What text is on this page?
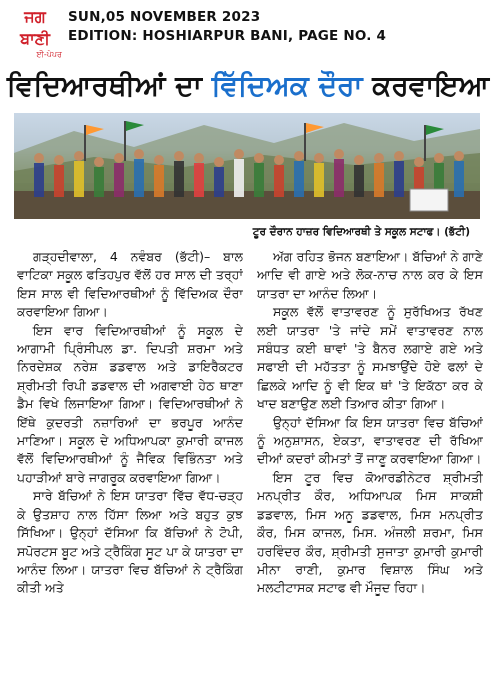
ਜਗ ਬਾਣੀ
ਈ-ਪੇਪਰ
SUN,05 NOVEMBER 2023
EDITION: HOSHIARPUR BANI, PAGE NO. 4
ਵਿਦਿਆਰਥੀਆਂ ਦਾ ਵਿੱਦਿਅਕ ਦੌਰਾ ਕਰਵਾਇਆ
ਟੂਰ ਦੌਰਾਨ ਹਾਜ਼ਰ ਵਿਦਿਆਰਥੀ ਤੇ ਸਕੂਲ ਸਟਾਫ। (ਭੱਟੀ)

ਗੜ੍ਹਦੀਵਾਲਾ, 4 ਨਵੰਬਰ (ਭੱਟੀ)– ਬਾਲ ਵਾਟਿਕਾ ਸਕੂਲ ਫਤਿਹਪੁਰ ਵੱਲੋਂ ਹਰ ਸਾਲ ਦੀ ਤਰ੍ਹਾਂ ਇਸ ਸਾਲ ਵੀ ਵਿਦਿਆਰਥੀਆਂ ਨੂੰ ਵਿੱਦਿਅਕ ਦੌਰਾ ਕਰਵਾਇਆ ਗਿਆ।

ਇਸ ਵਾਰ ਵਿਦਿਆਰਥੀਆਂ ਨੂੰ ਸਕੂਲ ਦੇ ਆਗਾਮੀ ਪ੍ਰਿੰਸੀਪਲ ਡਾ. ਦਿਪਤੀ ਸ਼ਰਮਾ ਅਤੇ ਨਿਰਦੇਸ਼ਕ ਨਰੇਸ਼ ਡਡਵਾਲ ਅਤੇ ਡਾਇਰੈਕਟਰ ਸ਼੍ਰੀਮਤੀ ਰਿਪੀ ਡਡਵਾਲ ਦੀ ਅਗਵਾਈ ਹੇਠ ਥਾਣਾ ਡੈਮ ਵਿਖੇ ਲਿਜਾਇਆ ਗਿਆ। ਵਿਦਿਆਰਥੀਆਂ ਨੇ ਇੱਥੇ ਕੁਦਰਤੀ ਨਜ਼ਾਰਿਆਂ ਦਾ ਭਰਪੂਰ ਆਨੰਦ ਮਾਣਿਆ। ਸਕੂਲ ਦੇ ਅਧਿਆਪਕਾ ਕੁਮਾਰੀ ਕਾਜਲ ਵੱਲੋਂ ਵਿਦਿਆਰਥੀਆਂ ਨੂੰ ਜੈਵਿਕ ਵਿਭਿੰਨਤਾ ਅਤੇ ਪਹਾੜੀਆਂ ਬਾਰੇ ਜਾਗਰੂਕ ਕਰਵਾਇਆ ਗਿਆ।

ਸਾਰੇ ਬੱਚਿਆਂ ਨੇ ਇਸ ਯਾਤਰਾ ਵਿੱਚ ਵੱਧ-ਚੜ੍ਹ ਕੇ ਉਤਸ਼ਾਹ ਨਾਲ ਹਿੱਸਾ ਲਿਆ ਅਤੇ ਬਹੁਤ ਕੁਝ ਸਿੱਖਿਆ। ਉਨ੍ਹਾਂ ਦੱਸਿਆ ਕਿ ਬੱਚਿਆਂ ਨੇ ਟੋਪੀ, ਸਪੋਰਟਸ ਬੂਟ ਅਤੇ ਟ੍ਰੈਕਿੰਗ ਸੂਟ ਪਾ ਕੇ ਯਾਤਰਾ ਦਾ ਆਨੰਦ ਲਿਆ। ਯਾਤਰਾ ਵਿਚ ਬੱਚਿਆਂ ਨੇ ਟ੍ਰੈਕਿੰਗ ਕੀਤੀ ਅਤੇ

ਅੱਗ ਰਹਿਤ ਭੋਜਨ ਬਣਾਇਆ। ਬੱਚਿਆਂ ਨੇ ਗਾਣੇ ਆਦਿ ਵੀ ਗਾਏ ਅਤੇ ਲੋਕ-ਨਾਚ ਨਾਲ ਕਰ ਕੇ ਇਸ ਯਾਤਰਾ ਦਾ ਆਨੰਦ ਲਿਆ।

ਸਕੂਲ ਵੱਲੋਂ ਵਾਤਾਵਰਣ ਨੂੰ ਸੁਰੱਖਿਅਤ ਰੱਖਣ ਲਈ ਯਾਤਰਾ 'ਤੇ ਜਾਂਦੇ ਸਮੇਂ ਵਾਤਾਵਰਣ ਨਾਲ ਸਬੰਧਤ ਕਈ ਥਾਵਾਂ 'ਤੇ ਬੈਨਰ ਲਗਾਏ ਗਏ ਅਤੇ ਸਫਾਈ ਦੀ ਮਹੱਤਤਾ ਨੂੰ ਸਮਝਾਉਂਦੇ ਹੋਏ ਫਲਾਂ ਦੇ ਛਿਲਕੇ ਆਦਿ ਨੂੰ ਵੀ ਇਕ ਥਾਂ 'ਤੇ ਇਕੱਠਾ ਕਰ ਕੇ ਖਾਦ ਬਣਾਉਣ ਲਈ ਤਿਆਰ ਕੀਤਾ ਗਿਆ।

ਉਨ੍ਹਾਂ ਦੱਸਿਆ ਕਿ ਇਸ ਯਾਤਰਾ ਵਿਚ ਬੱਚਿਆਂ ਨੂੰ ਅਨੁਸ਼ਾਸਨ, ਏਕਤਾ, ਵਾਤਾਵਰਣ ਦੀ ਰੱਖਿਆ ਦੀਆਂ ਕਦਰਾਂ ਕੀਮਤਾਂ ਤੋਂ ਜਾਣੂ ਕਰਵਾਇਆ ਗਿਆ।

ਇਸ ਟੂਰ ਵਿਚ ਕੋਆਰਡੀਨੇਟਰ ਸ਼੍ਰੀਮਤੀ ਮਨਪ੍ਰੀਤ ਕੌਰ, ਅਧਿਆਪਕ ਮਿਸ ਸਾਕਸ਼ੀ ਡਡਵਾਲ, ਮਿਸ ਅਨੂ ਡਡਵਾਲ, ਮਿਸ ਮਨਪ੍ਰੀਤ ਕੌਰ, ਮਿਸ ਕਾਜਲ, ਮਿਸ. ਅੰਜਲੀ ਸ਼ਰਮਾ, ਮਿਸ ਹਰਵਿੰਦਰ ਕੌਰ, ਸ਼੍ਰੀਮਤੀ ਸੁਜਾਤਾ ਕੁਮਾਰੀ ਕੁਮਾਰੀ ਮੀਨਾ ਰਾਣੀ, ਕੁਮਾਰ ਵਿਸ਼ਾਲ ਸਿੰਘ ਅਤੇ ਮਲਟੀਟਾਸਕ ਸਟਾਫ ਵੀ ਮੌਜੂਦ ਰਿਹਾ।
